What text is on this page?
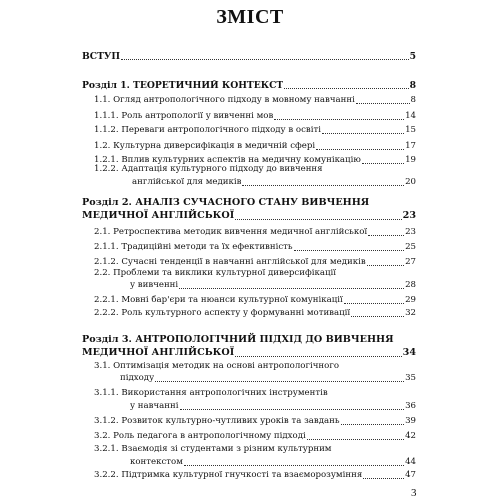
ЗМІСТ
ВСТУП	5
Розділ 1. ТЕОРЕТИЧНИЙ КОНТЕКСТ	8
1.1. Огляд антропологічного підходу в мовному навчанні	8
1.1.1. Роль антропології у вивченні мов	14
1.1.2. Переваги антропологічного підходу в освіті	15
1.2. Культурна диверсифікація в медичній сфері	17
1.2.1. Вплив культурних аспектів на медичну комунікацію	19
1.2.2. Адаптація культурного підходу до вивчення
англійської для медиків	20
Розділ 2. АНАЛІЗ СУЧАСНОГО СТАНУ ВИВЧЕННЯ
МЕДИЧНОЇ АНГЛІЙСЬКОЇ	23
2.1. Ретроспектива методик вивчення медичної англійської	23
2.1.1. Традиційні методи та їх ефективність	25
2.1.2. Сучасні тенденції в навчанні англійської для медиків	27
2.2. Проблеми та виклики культурної диверсифікації
у вивченні	28
2.2.1. Мовні бар'єри та нюанси культурної комунікації	29
2.2.2. Роль культурного аспекту у формуванні мотивації	32
Розділ 3. АНТРОПОЛОГІЧНИЙ ПІДХІД ДО ВИВЧЕННЯ
МЕДИЧНОЇ АНГЛІЙСЬКОЇ	34
3.1. Оптимізація методик на основі антропологічного
підходу	35
3.1.1. Використання антропологічних інструментів
у навчанні	36
3.1.2. Розвиток культурно-чутливих уроків та завдань	39
3.2. Роль педагога в антропологічному підході	42
3.2.1. Взаємодія зі студентами з різним культурним
контекстом	44
3.2.2. Підтримка культурної гнучкості та взаєморозуміння	47
3
